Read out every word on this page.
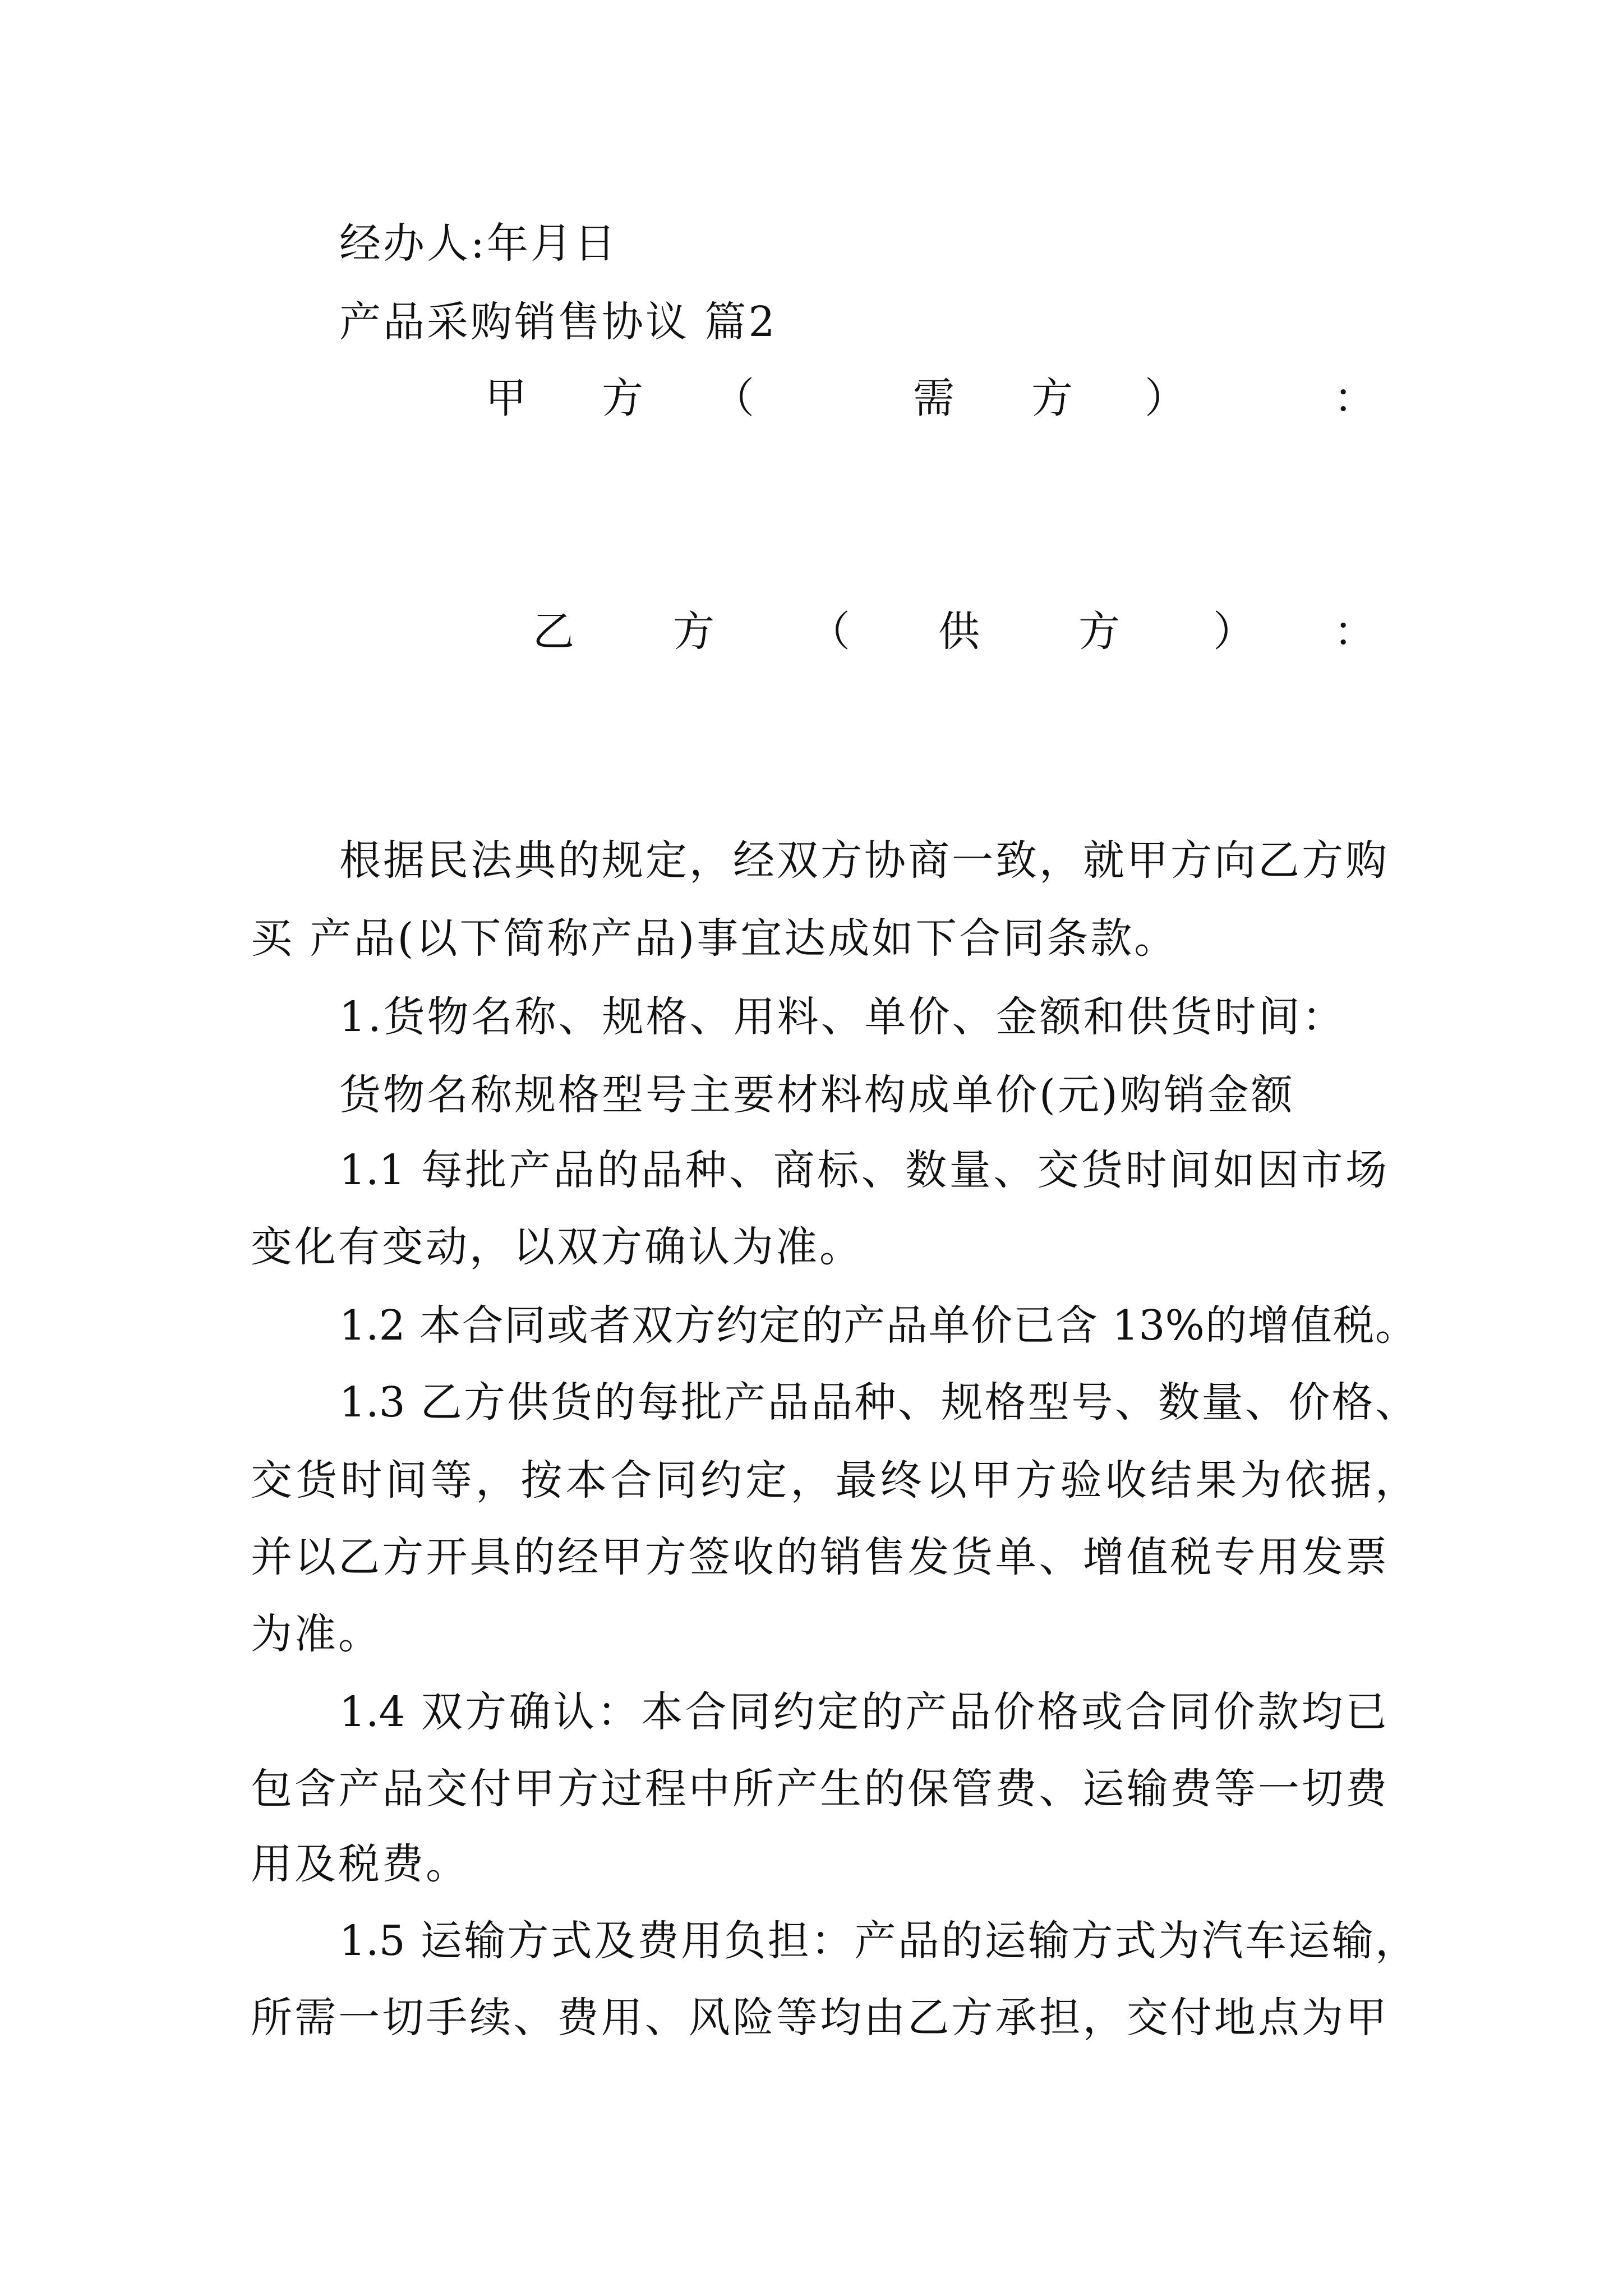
经办人:年月日
产品采购销售协议 篇2
甲 方 （	需 方 ）	：
乙 方 （ 供 方 ） ：
根据民法典的规定，经双方协商一致，就甲方向乙方购
买 产品(以下简称产品)事宜达成如下合同条款。
1.货物名称、规格、用料、单价、金额和供货时间：
货物名称规格型号主要材料构成单价(元)购销金额
1.1 每批产品的品种、商标、数量、交货时间如因市场
变化有变动，以双方确认为准。
1.2 本合同或者双方约定的产品单价已含 13%的增值税。
1.3 乙方供货的每批产品品种、规格型号、数量、价格、
交货时间等，按本合同约定，最终以甲方验收结果为依据，
并以乙方开具的经甲方签收的销售发货单、增值税专用发票
为准。
1.4 双方确认：本合同约定的产品价格或合同价款均已
包含产品交付甲方过程中所产生的保管费、运输费等一切费
用及税费。
1.5 运输方式及费用负担：产品的运输方式为汽车运输，
所需一切手续、费用、风险等均由乙方承担，交付地点为甲
